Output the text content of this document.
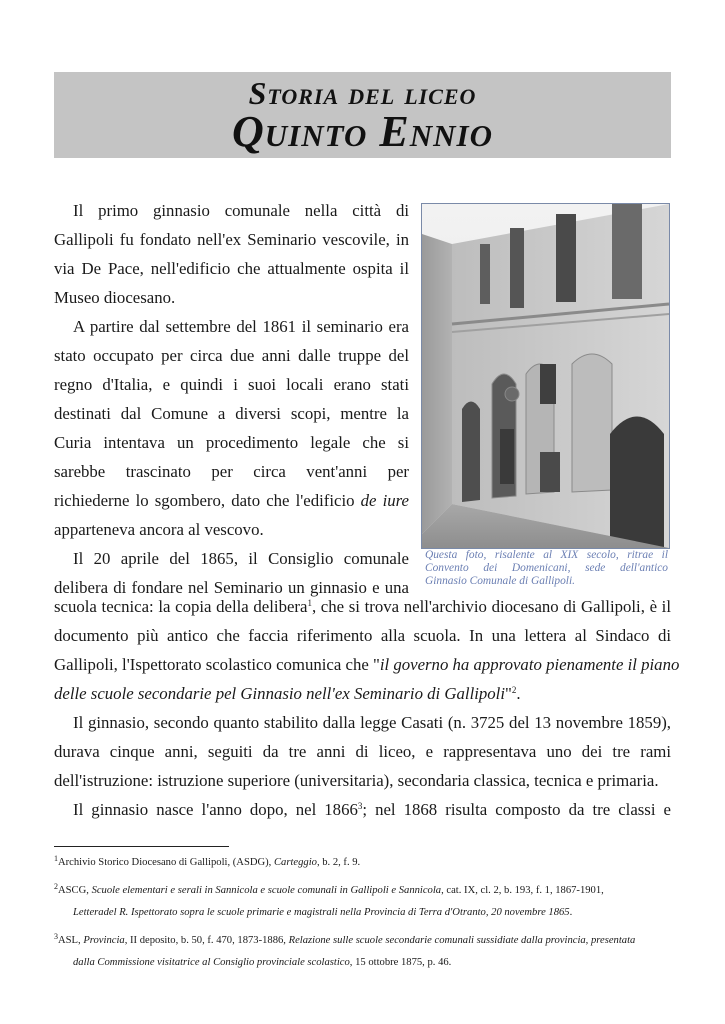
Storia del liceo
Quinto Ennio

Questa foto, risalente al XIX secolo, ritrae il

Convento dei Domenicani, sede dell'antico

Ginnasio Comunale di Gallipoli.

Il primo ginnasio comunale nella città di
Gallipoli fu fondato nell'ex Seminario vescovile, in
via De Pace, nell'edificio che attualmente ospita il
Museo diocesano.
A partire dal settembre del 1861 il seminario era
stato occupato per circa due anni dalle truppe del
regno d'Italia, e quindi i suoi locali erano stati
destinati dal Comune a diversi scopi, mentre la
Curia intentava un procedimento legale che si
sarebbe trascinato per circa vent'anni per
richiederne lo sgombero, dato che l'edificio de iure
apparteneva ancora al vescovo.
Il 20 aprile del 1865, il Consiglio comunale
delibera di fondare nel Seminario un ginnasio e una
scuola tecnica: la copia della delibera$^1$, che si trova nell'archivio diocesano di Gallipoli, è il
documento più antico che faccia riferimento alla scuola. In una lettera al Sindaco di
Gallipoli, l'Ispettorato scolastico comunica che "il governo ha approvato pienamente il piano
delle scuole secondarie pel Ginnasio nell'ex Seminario di Gallipoli"$^2$.
Il ginnasio, secondo quanto stabilito dalla legge Casati (n. 3725 del 13 novembre 1859),
durava cinque anni, seguiti da tre anni di liceo, e rappresentava uno dei tre rami
dell'istruzione: istruzione superiore (universitaria), secondaria classica, tecnica e primaria.
Il ginnasio nasce l'anno dopo, nel 1866$^3$; nel 1868 risulta composto da tre classi e
$^1$Archivio Storico Diocesano di Gallipoli, (ASDG), Carteggio, b. 2, f. 9.
$^2$ASCG, Scuole elementari e serali in Sannicola e scuole comunali in Gallipoli e Sannicola, cat. IX, cl. 2, b. 193, f. 1, 1867-1901,
Letteradel R. Ispettorato sopra le scuole primarie e magistrali nella Provincia di Terra d'Otranto, 20 novembre 1865.
$^3$ASL, Provincia, II deposito, b. 50, f. 470, 1873-1886, Relazione sulle scuole secondarie comunali sussidiate dalla provincia, presentata
dalla Commissione visitatrice al Consiglio provinciale scolastico, 15 ottobre 1875, p. 46.
